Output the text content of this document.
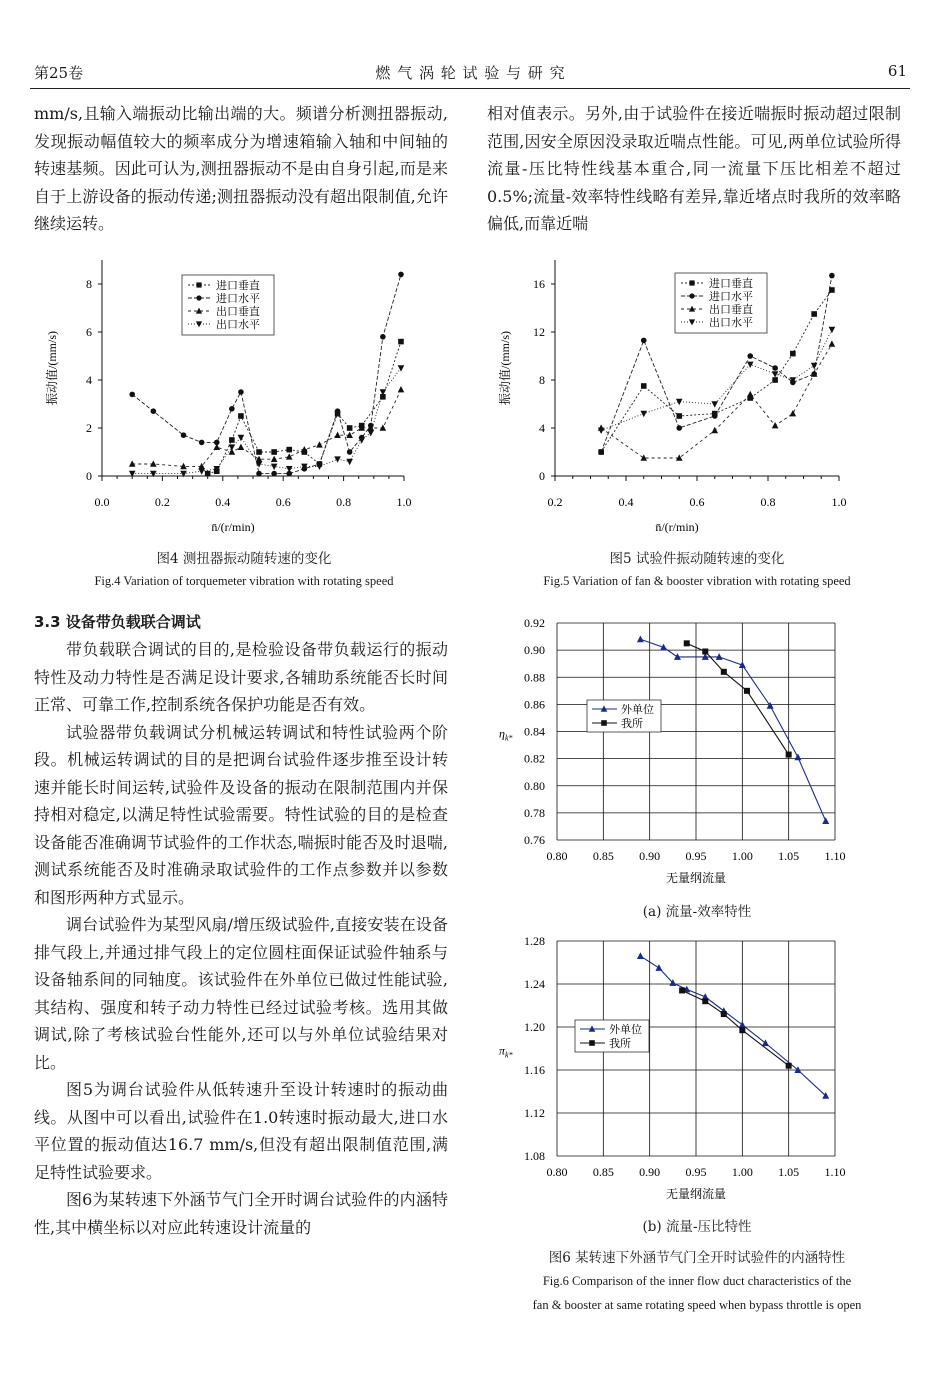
第25卷	燃 气 涡 轮 试 验 与 研 究	61

mm/s,且输入端振动比输出端的大。频谱分析测扭器振动,发现振动幅值较大的频率成分为增速箱输入轴和中间轴的转速基频。因此可认为,测扭器振动不是由自身引起,而是来自于上游设备的振动传递;测扭器振动没有超出限制值,允许继续运转。

相对值表示。另外,由于试验件在接近喘振时振动超过限制范围,因安全原因没录取近喘点性能。可见,两单位试验所得流量-压比特性线基本重合,同一流量下压比相差不超过0.5%;流量-效率特性线略有差异,靠近堵点时我所的效率略偏低,而靠近喘

0
2
4
6
8
0.0	0.2	0.4	0.6	0.8	1.0
n̄/(r/min)
振动值/(mm/s)
进口垂直
进口水平
出口垂直
出口水平
图4 测扭器振动随转速的变化
Fig.4 Variation of torquemeter vibration with rotating speed
0
4
8
12
16
0.2	0.4	0.6	0.8	1.0
n̄/(r/min)
振动值/(mm/s)
进口垂直
进口水平
出口垂直
出口水平
图5 试验件振动随转速的变化
Fig.5 Variation of fan & booster vibration with rotating speed
3.3 设备带负载联合调试

带负载联合调试的目的,是检验设备带负载运行的振动特性及动力特性是否满足设计要求,各辅助系统能否长时间正常、可靠工作,控制系统各保护功能是否有效。

试验器带负载调试分机械运转调试和特性试验两个阶段。机械运转调试的目的是把调台试验件逐步推至设计转速并能长时间运转,试验件及设备的振动在限制范围内并保持相对稳定,以满足特性试验需要。特性试验的目的是检查设备能否准确调节试验件的工作状态,喘振时能否及时退喘,测试系统能否及时准确录取试验件的工作点参数并以参数和图形两种方式显示。

调台试验件为某型风扇/增压级试验件,直接安装在设备排气段上,并通过排气段上的定位圆柱面保证试验件轴系与设备轴系间的同轴度。该试验件在外单位已做过性能试验,其结构、强度和转子动力特性已经过试验考核。选用其做调试,除了考核试验台性能外,还可以与外单位试验结果对比。

图5为调台试验件从低转速升至设计转速时的振动曲线。从图中可以看出,试验件在1.0转速时振动最大,进口水平位置的振动值达16.7 mm/s,但没有超出限制值范围,满足特性试验要求。

图6为某转速下外涵节气门全开时调台试验件的内涵特性,其中横坐标以对应此转速设计流量的

0.80 0.85 0.90 0.95 1.00 1.05 1.10
0.76
0.78
0.80
0.82
0.84
0.86
0.88
0.90
0.92
无量纲流量
$\eta_{k*}$
外单位
我所
(a) 流量-效率特性
0.80 0.85 0.90 0.95 1.00 1.05 1.10
1.08
1.12
1.16
1.20
1.24
1.28
无量纲流量
$\pi_{k*}$
外单位
我所
(b) 流量-压比特性
图6 某转速下外涵节气门全开时试验件的内涵特性
Fig.6 Comparison of the inner flow duct characteristics of the
fan & booster at same rotating speed when bypass throttle is open
